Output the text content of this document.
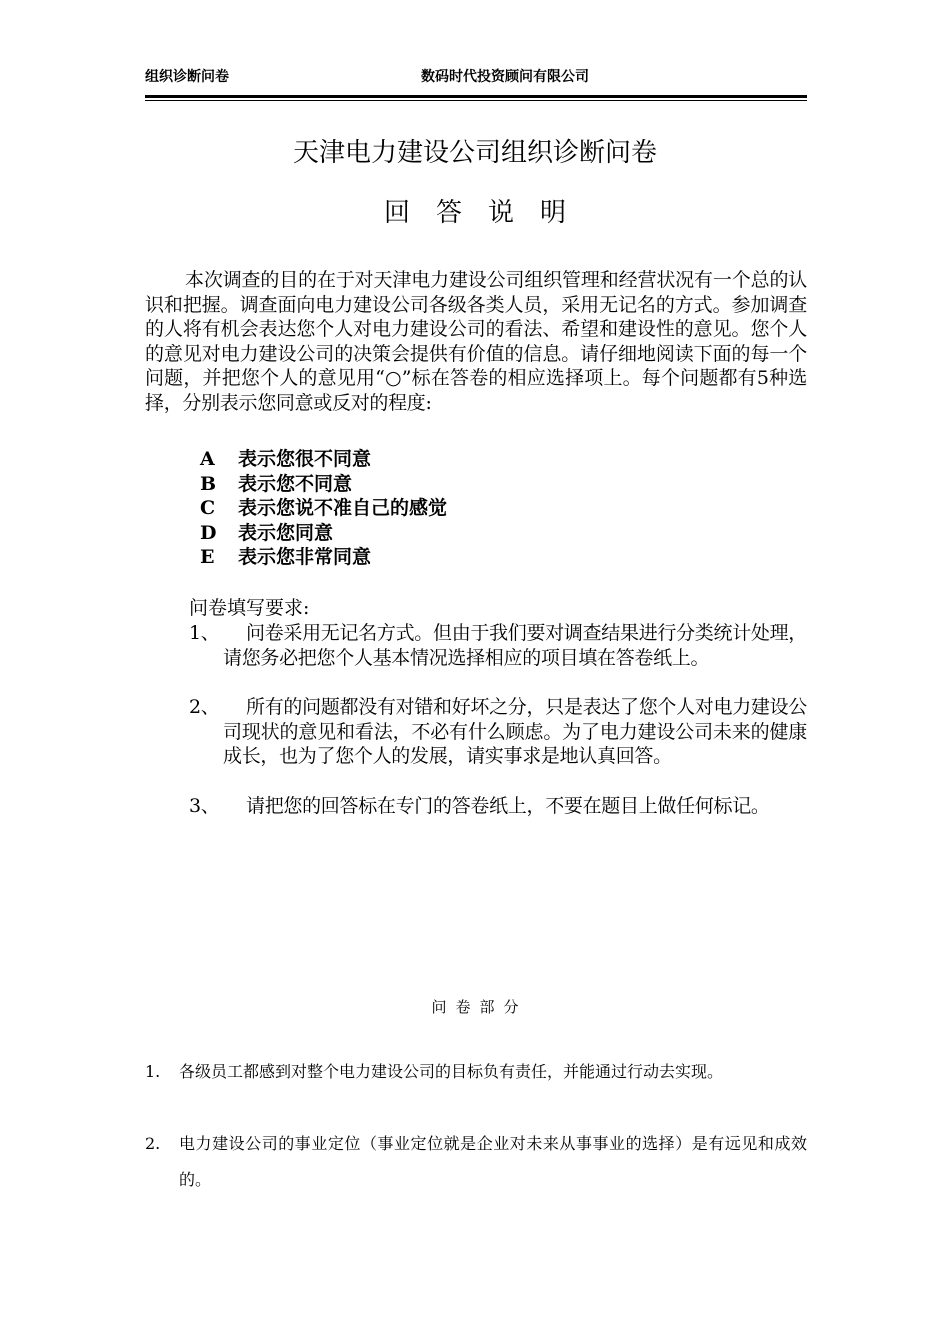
组织诊断问卷	数码时代投资顾问有限公司
天津电力建设公司组织诊断问卷
回答说明
本次调查的目的在于对天津电力建设公司组织管理和经营状况有一个总的认识和把握。调查面向电力建设公司各级各类人员，采用无记名的方式。参加调查的人将有机会表达您个人对电力建设公司的看法、希望和建设性的意见。您个人的意见对电力建设公司的决策会提供有价值的信息。请仔细地阅读下面的每一个问题，并把您个人的意见用“○”标在答卷的相应选择项上。每个问题都有5种选择，分别表示您同意或反对的程度:
A 表示您很不同意
B 表示您不同意
C 表示您说不准自己的感觉
D 表示您同意
E 表示您非常同意
问卷填写要求:
1、	问卷采用无记名方式。但由于我们要对调查结果进行分类统计处理，请您务必把您个人基本情况选择相应的项目填在答卷纸上。
2、	所有的问题都没有对错和好坏之分，只是表达了您个人对电力建设公司现状的意见和看法，不必有什么顾虑。为了电力建设公司未来的健康成长，也为了您个人的发展，请实事求是地认真回答。
3、	请把您的回答标在专门的答卷纸上，不要在题目上做任何标记。
问卷部分
1. 各级员工都感到对整个电力建设公司的目标负有责任，并能通过行动去实现。
2. 电力建设公司的事业定位（事业定位就是企业对未来从事事业的选择）是有远见和成效的。
